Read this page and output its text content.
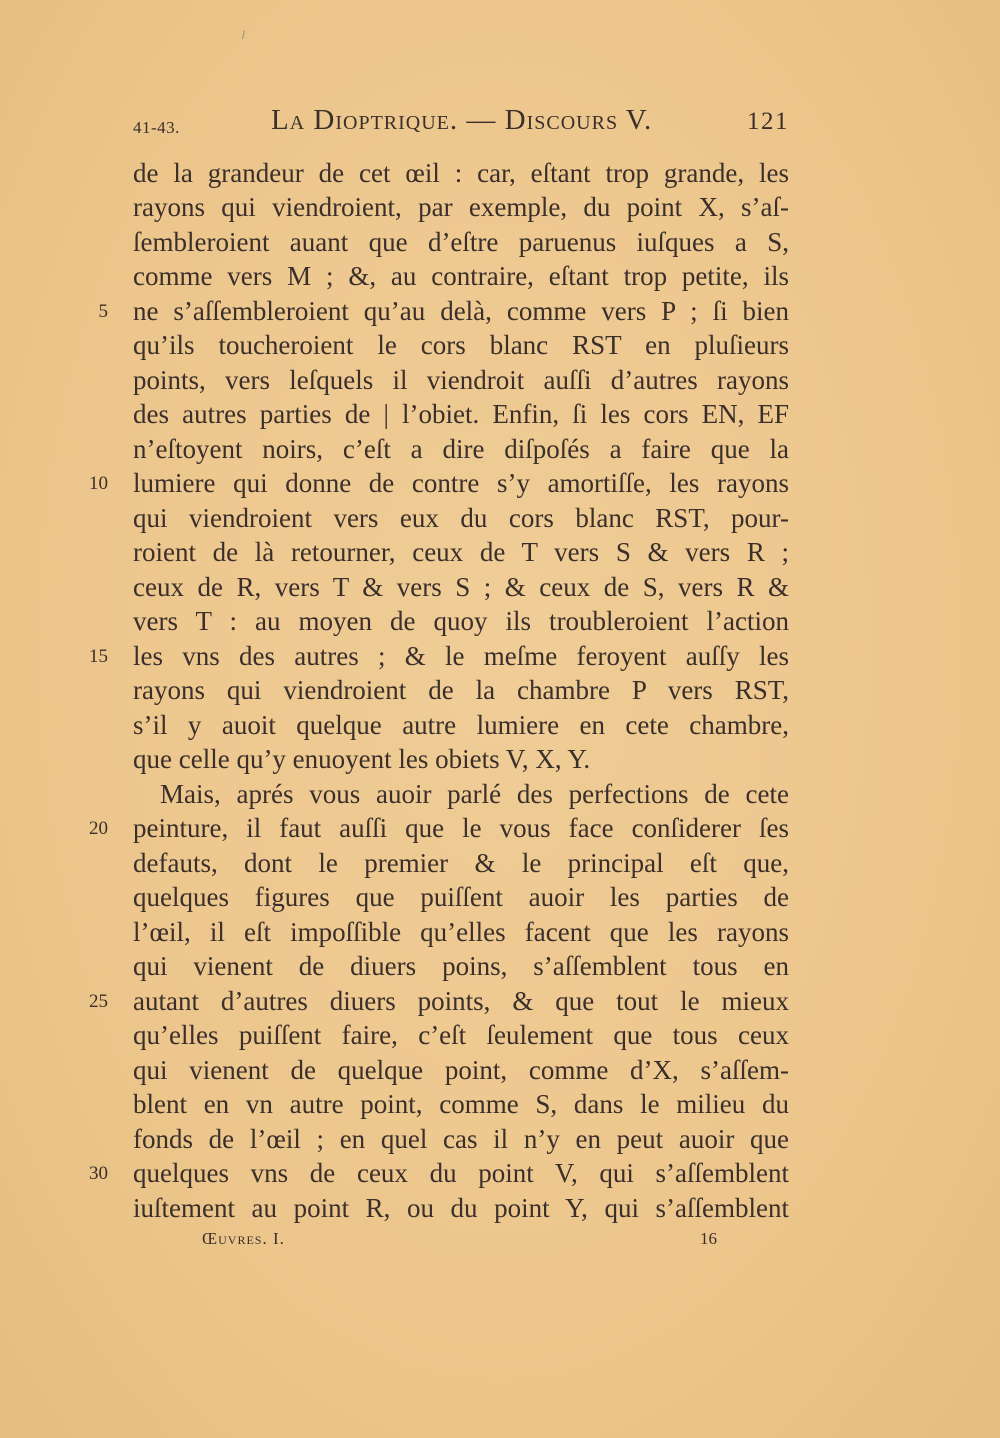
41-43.	La Dioptrique. — Discours V.	121
de la grandeur de cet œil : car, eſtant trop grande, les
rayons qui viendroient, par exemple, du point X, s’aſ-
ſembleroient auant que d’eſtre paruenus iuſques a S,
comme vers M ; &, au contraire, eſtant trop petite, ils
ne s’aſſembleroient qu’au delà, comme vers P ; ſi bien
qu’ils toucheroient le cors blanc RST en pluſieurs
points, vers leſquels il viendroit auſſi d’autres rayons
des autres parties de | l’obiet. Enfin, ſi les cors EN, EF
n’eſtoyent noirs, c’eſt a dire diſpoſés a faire que la
lumiere qui donne de contre s’y amortiſſe, les rayons
qui viendroient vers eux du cors blanc RST, pour-
roient de là retourner, ceux de T vers S & vers R ;
ceux de R, vers T & vers S ; & ceux de S, vers R &
vers T : au moyen de quoy ils troubleroient l’action
les vns des autres ; & le meſme feroyent auſſy les
rayons qui viendroient de la chambre P vers RST,
s’il y auoit quelque autre lumiere en cete chambre,
que celle qu’y enuoyent les obiets V, X, Y.
Mais, aprés vous auoir parlé des perfections de cete
peinture, il faut auſſi que le vous face conſiderer ſes
defauts, dont le premier & le principal eſt que,
quelques figures que puiſſent auoir les parties de
l’œil, il eſt impoſſible qu’elles facent que les rayons
qui vienent de diuers poins, s’aſſemblent tous en
autant d’autres diuers points, & que tout le mieux
qu’elles puiſſent faire, c’eſt ſeulement que tous ceux
qui vienent de quelque point, comme d’X, s’aſſem-
blent en vn autre point, comme S, dans le milieu du
fonds de l’œil ; en quel cas il n’y en peut auoir que
quelques vns de ceux du point V, qui s’aſſemblent
iuſtement au point R, ou du point Y, qui s’aſſemblent
5
10
15
20
25
30
Œuvres. I.	16
